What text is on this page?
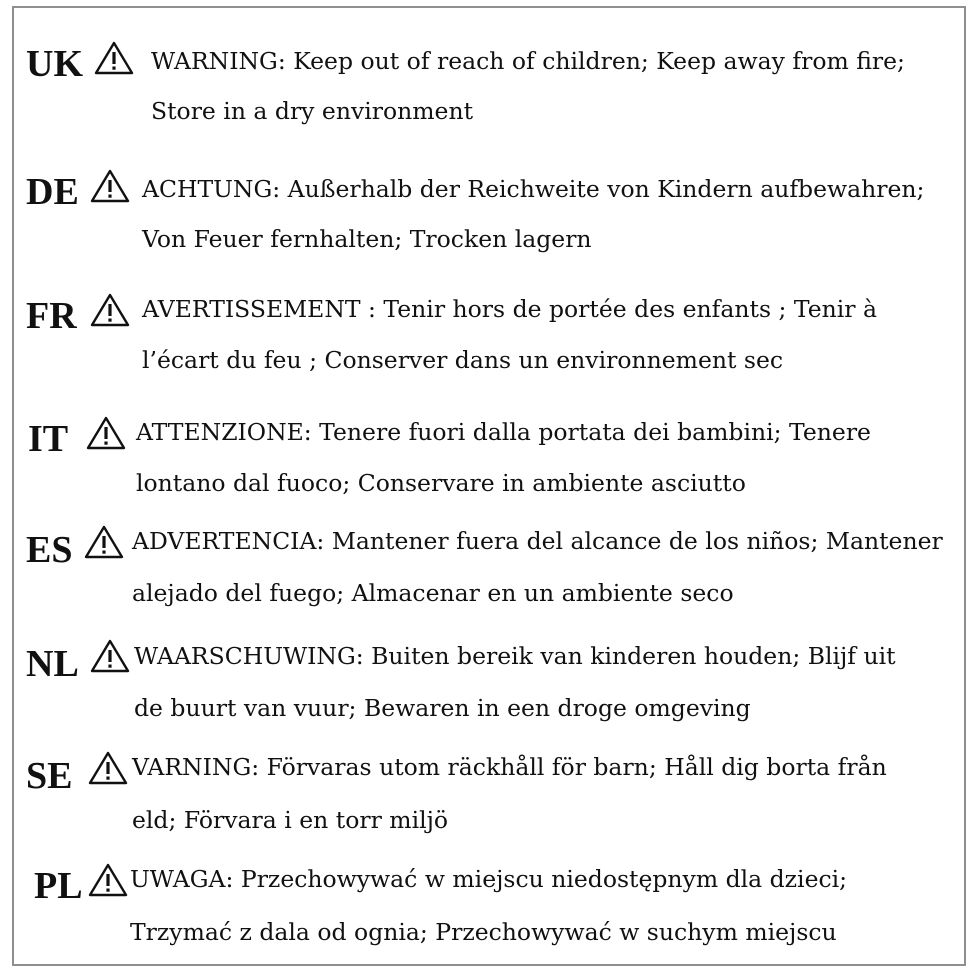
UK	WARNING: Keep out of reach of children; Keep away from fire;
Store in a dry environment
DE	ACHTUNG: Außerhalb der Reichweite von Kindern aufbewahren;
Von Feuer fernhalten; Trocken lagern
FR	AVERTISSEMENT : Tenir hors de portée des enfants ; Tenir à
l’écart du feu ; Conserver dans un environnement sec
IT	ATTENZIONE: Tenere fuori dalla portata dei bambini; Tenere
lontano dal fuoco; Conservare in ambiente asciutto
ES	ADVERTENCIA: Mantener fuera del alcance de los niños; Mantener
alejado del fuego; Almacenar en un ambiente seco
NL WAARSCHUWING: Buiten bereik van kinderen houden; Blijf uit
de buurt van vuur; Bewaren in een droge omgeving
SE	VARNING: Förvaras utom räckhåll för barn; Håll dig borta från
eld; Förvara i en torr miljö
PL UWAGA: Przechowywać w miejscu niedostępnym dla dzieci;
Trzymać z dala od ognia; Przechowywać w suchym miejscu
